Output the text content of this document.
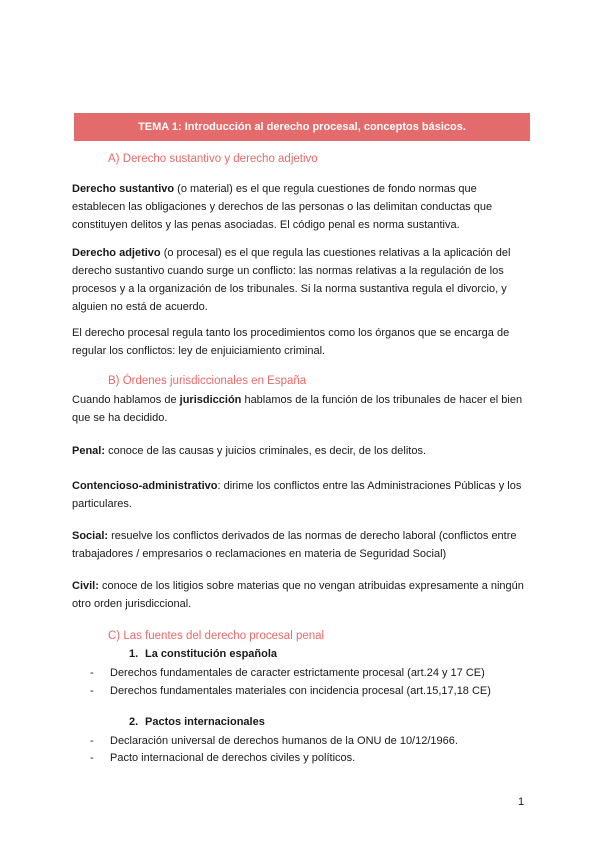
TEMA 1: Introducción al derecho procesal, conceptos básicos.
A) Derecho sustantivo y derecho adjetivo

Derecho sustantivo (o material) es el que regula cuestiones de fondo normas que establecen las obligaciones y derechos de las personas o las delimitan conductas que constituyen delitos y las penas asociadas. El código penal es norma sustantiva.

Derecho adjetivo (o procesal) es el que regula las cuestiones relativas a la aplicación del derecho sustantivo cuando surge un conflicto: las normas relativas a la regulación de los procesos y a la organización de los tribunales. Si la norma sustantiva regula el divorcio, y alguien no está de acuerdo.

El derecho procesal regula tanto los procedimientos como los órganos que se encarga de regular los conflictos: ley de enjuiciamiento criminal.

B) Órdenes jurisdiccionales en España

Cuando hablamos de jurisdicción hablamos de la función de los tribunales de hacer el bien que se ha decidido.

Penal: conoce de las causas y juicios criminales, es decir, de los delitos.

Contencioso-administrativo: dirime los conflictos entre las Administraciones Públicas y los particulares.

Social: resuelve los conflictos derivados de las normas de derecho laboral (conflictos entre trabajadores / empresarios o reclamaciones en materia de Seguridad Social)

Civil: conoce de los litigios sobre materias que no vengan atribuidas expresamente a ningún otro orden jurisdiccional.

C) Las fuentes del derecho procesal penal
1. La constitución española
- Derechos fundamentales de caracter estrictamente procesal (art.24 y 17 CE)
- Derechos fundamentales materiales con incidencia procesal (art.15,17,18 CE)
2. Pactos internacionales
- Declaración universal de derechos humanos de la ONU de 10/12/1966.
- Pacto internacional de derechos civiles y políticos.
1
